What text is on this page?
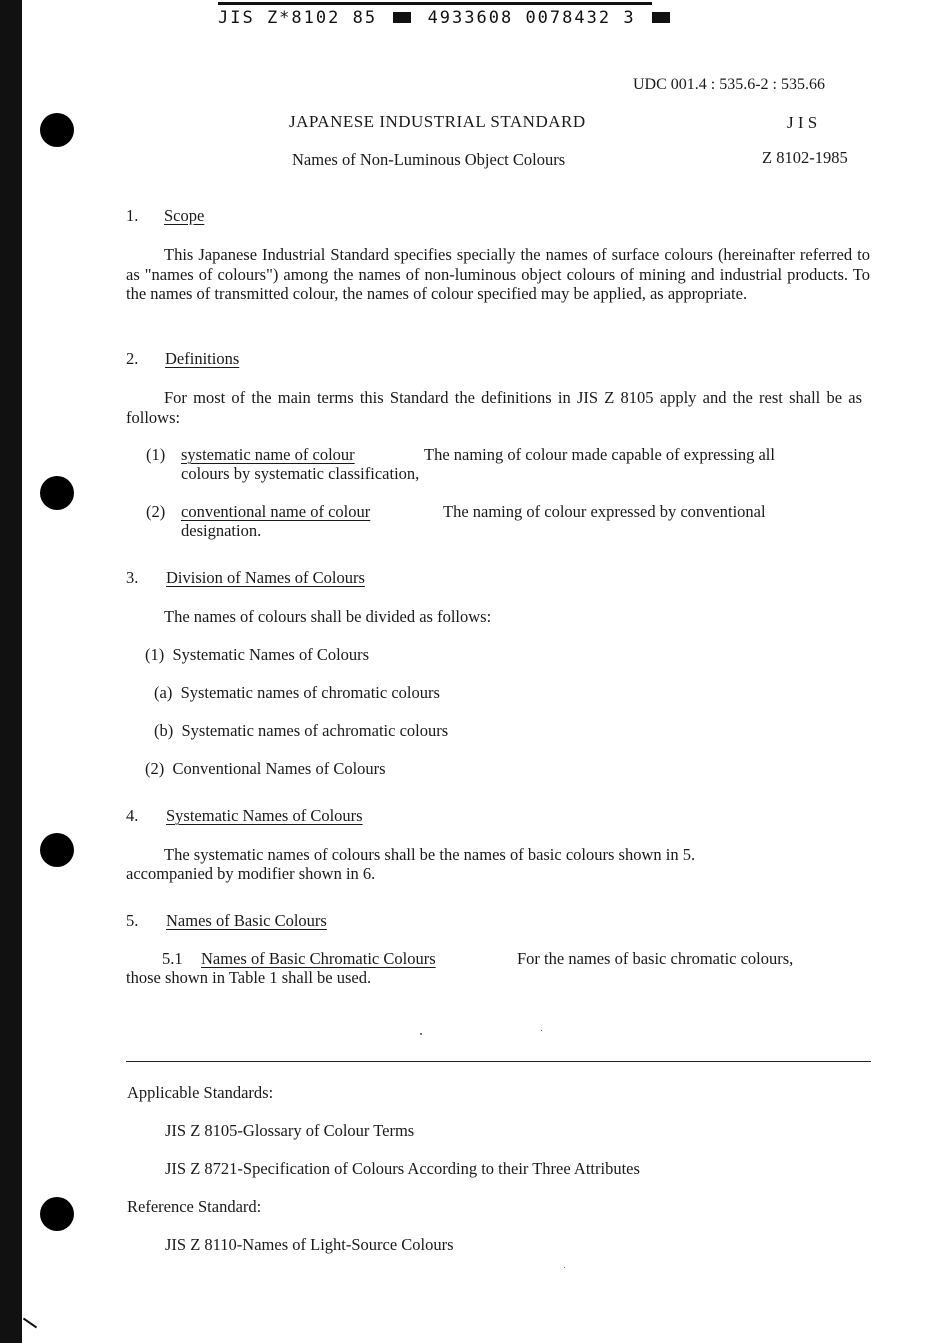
JIS Z*8102 85	4933608 0078432 3
UDC 001.4 : 535.6-2 : 535.66
JAPANESE INDUSTRIAL STANDARD	J I S
Names of Non-Luminous Object Colours	Z 8102-1985
1. Scope
This Japanese Industrial Standard specifies specially the names of surface colours (hereinafter referred to as "names of colours") among the names of non-luminous object colours of mining and industrial products. To the names of transmitted colour, the names of colour specified may be applied, as appropriate.
2. Definitions
For most of the main terms this Standard the definitions in JIS Z 8105 apply and the rest shall be as follows:
(1) systematic name of colour	The naming of colour made capable of expressing all
colours by systematic classification,
(2) conventional name of colour	The naming of colour expressed by conventional
designation.
3. Division of Names of Colours
The names of colours shall be divided as follows:
(1)  Systematic Names of Colours
(a)  Systematic names of chromatic colours
(b)  Systematic names of achromatic colours
(2)  Conventional Names of Colours
4. Systematic Names of Colours
The systematic names of colours shall be the names of basic colours shown in 5.
accompanied by modifier shown in 6.
5. Names of Basic Colours
5.1 Names of Basic Chromatic Colours	For the names of basic chromatic colours,
those shown in Table 1 shall be used.
Applicable Standards:
JIS Z 8105-Glossary of Colour Terms
JIS Z 8721-Specification of Colours According to their Three Attributes
Reference Standard:
JIS Z 8110-Names of Light-Source Colours
